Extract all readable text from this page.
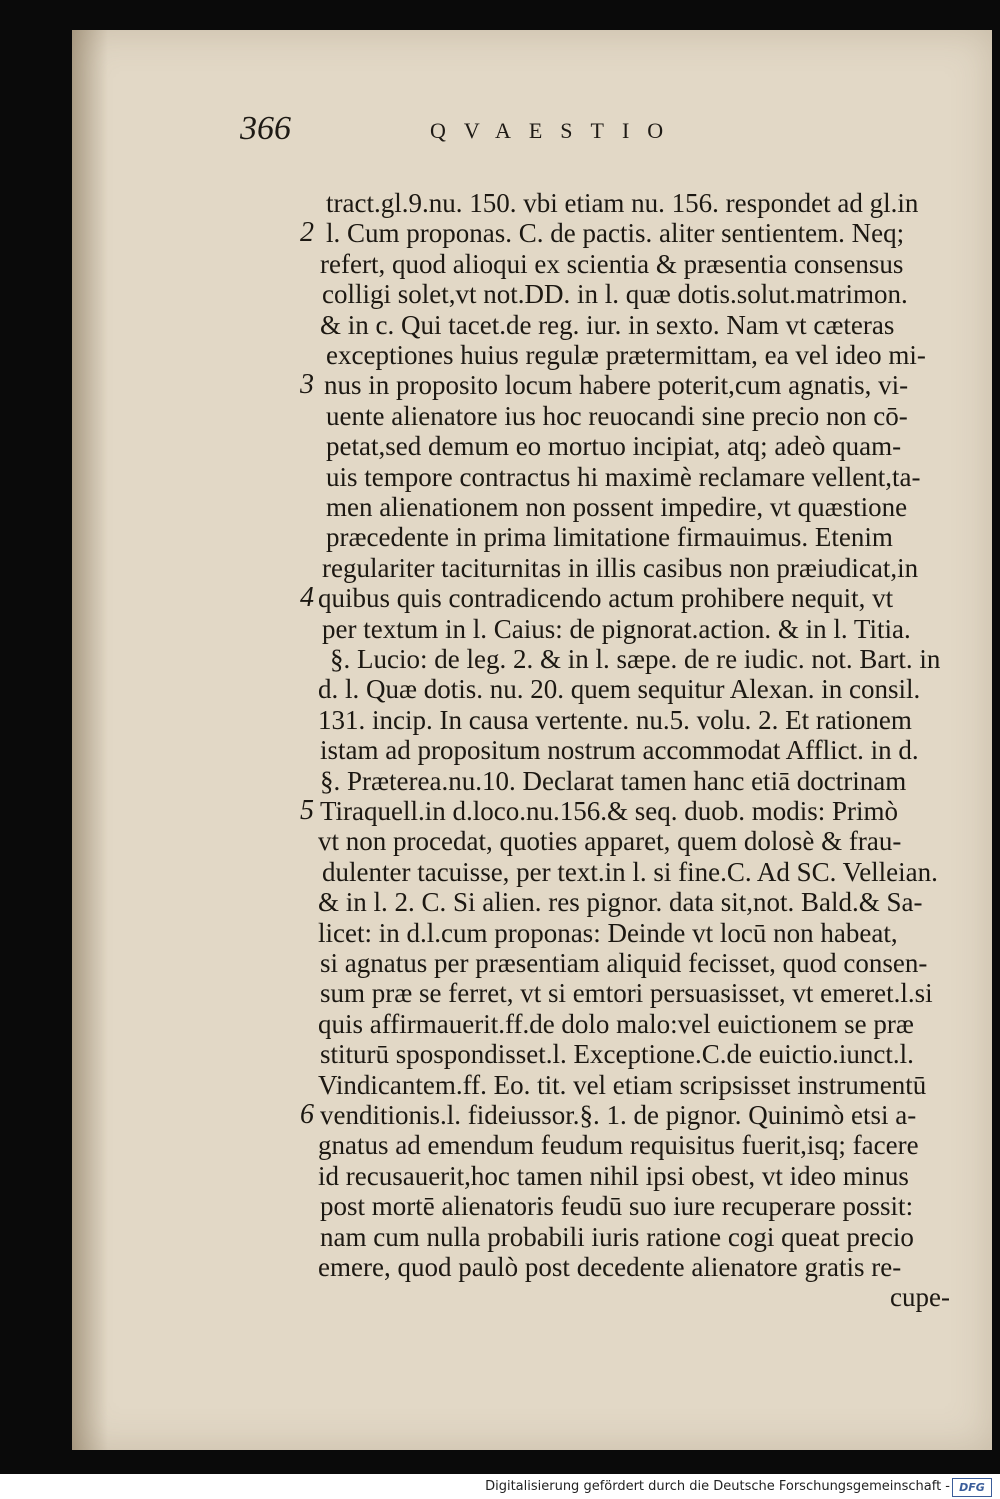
366	QVAESTIO
tract.gl.9.nu. 150. vbi etiam nu. 156. respondet ad gl.in
l. Cum proponas. C. de pactis. aliter sentientem. Neq;
refert, quod alioqui ex scientia & præsentia consensus
colligi solet,vt not.DD. in l. quæ dotis.solut.matrimon.
& in c. Qui tacet.de reg. iur. in sexto. Nam vt cæteras
exceptiones huius regulæ prætermittam, ea vel ideo mi-
nus in proposito locum habere poterit,cum agnatis, vi-
uente alienatore ius hoc reuocandi sine precio non cō-
petat,sed demum eo mortuo incipiat, atq; adeò quam-
uis tempore contractus hi maximè reclamare vellent,ta-
men alienationem non possent impedire, vt quæstione
præcedente in prima limitatione firmauimus. Etenim
regulariter taciturnitas in illis casibus non præiudicat,in
quibus quis contradicendo actum prohibere nequit, vt
per textum in l. Caius: de pignorat.action. & in l. Titia.
§. Lucio: de leg. 2. & in l. sæpe. de re iudic. not. Bart. in
d. l. Quæ dotis. nu. 20. quem sequitur Alexan. in consil.
131. incip. In causa vertente. nu.5. volu. 2. Et rationem
istam ad propositum nostrum accommodat Afflict. in d.
§. Præterea.nu.10. Declarat tamen hanc etiā doctrinam
Tiraquell.in d.loco.nu.156.& seq. duob. modis: Primò
vt non procedat, quoties apparet, quem dolosè & frau-
dulenter tacuisse, per text.in l. si fine.C. Ad SC. Velleian.
& in l. 2. C. Si alien. res pignor. data sit,not. Bald.& Sa-
licet: in d.l.cum proponas: Deinde vt locū non habeat,
si agnatus per præsentiam aliquid fecisset, quod consen-
sum præ se ferret, vt si emtori persuasisset, vt emeret.l.si
quis affirmauerit.ff.de dolo malo:vel euictionem se præ
stiturū spospondisset.l. Exceptione.C.de euictio.iunct.l.
Vindicantem.ff. Eo. tit. vel etiam scripsisset instrumentū
venditionis.l. fideiussor.§. 1. de pignor. Quinimò etsi a-
gnatus ad emendum feudum requisitus fuerit,isq; facere
id recusauerit,hoc tamen nihil ipsi obest, vt ideo minus
post mortē alienatoris feudū suo iure recuperare possit:
nam cum nulla probabili iuris ratione cogi queat precio
emere, quod paulò post decedente alienatore gratis re-
cupe-
2
3
4
5
6
Digitalisierung gefördert durch die Deutsche Forschungsgemeinschaft - DFG
